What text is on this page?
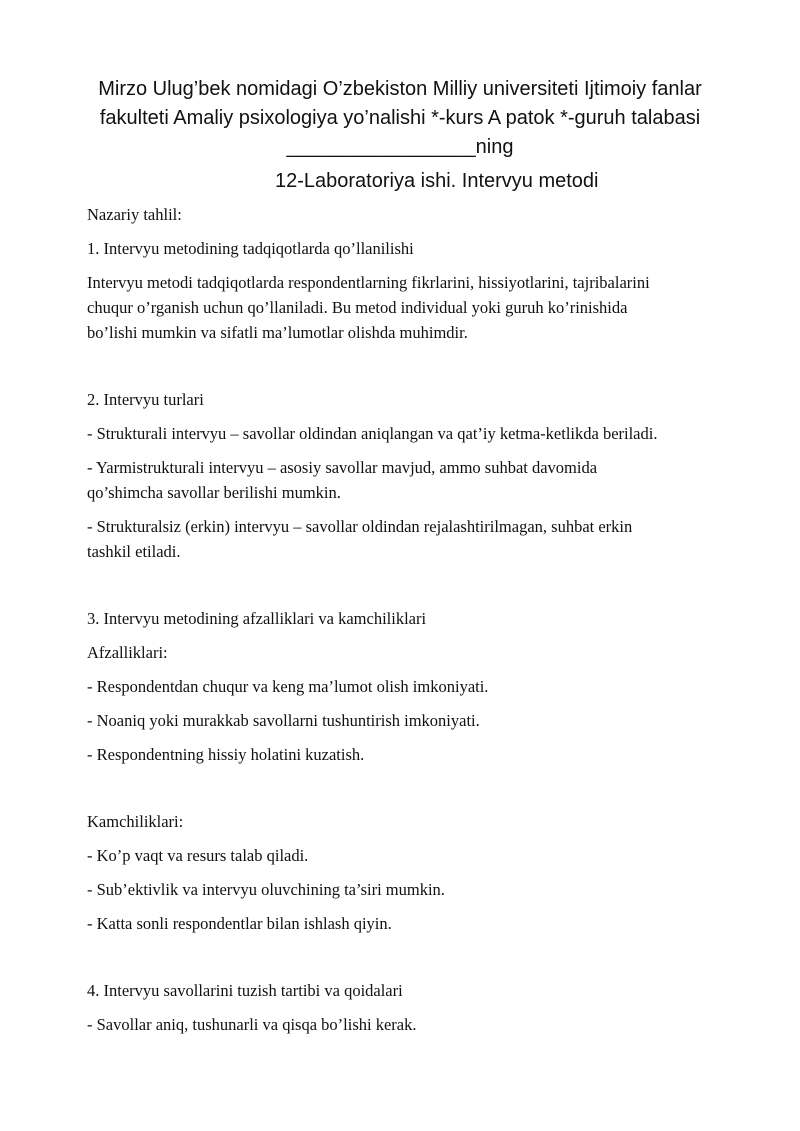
Mirzo Ulug’bek nomidagi O’zbekiston Milliy universiteti Ijtimoiy fanlar
fakulteti Amaliy psixologiya yo’nalishi *-kurs A patok *-guruh talabasi
_________________ning
12-Laboratoriya ishi. Intervyu metodi

Nazariy tahlil:

1. Intervyu metodining tadqiqotlarda qo’llanilishi

Intervyu metodi tadqiqotlarda respondentlarning fikrlarini, hissiyotlarini, tajribalarini

chuqur o’rganish uchun qo’llaniladi. Bu metod individual yoki guruh ko’rinishida

bo’lishi mumkin va sifatli ma’lumotlar olishda muhimdir.

2. Intervyu turlari

- Strukturali intervyu – savollar oldindan aniqlangan va qat’iy ketma-ketlikda beriladi.

- Yarmistrukturali intervyu – asosiy savollar mavjud, ammo suhbat davomida

qo’shimcha savollar berilishi mumkin.

- Strukturalsiz (erkin) intervyu – savollar oldindan rejalashtirilmagan, suhbat erkin

tashkil etiladi.

3. Intervyu metodining afzalliklari va kamchiliklari

Afzalliklari:

- Respondentdan chuqur va keng ma’lumot olish imkoniyati.

- Noaniq yoki murakkab savollarni tushuntirish imkoniyati.

- Respondentning hissiy holatini kuzatish.

Kamchiliklari:

- Ko’p vaqt va resurs talab qiladi.

- Sub’ektivlik va intervyu oluvchining ta’siri mumkin.

- Katta sonli respondentlar bilan ishlash qiyin.

4. Intervyu savollarini tuzish tartibi va qoidalari

- Savollar aniq, tushunarli va qisqa bo’lishi kerak.
